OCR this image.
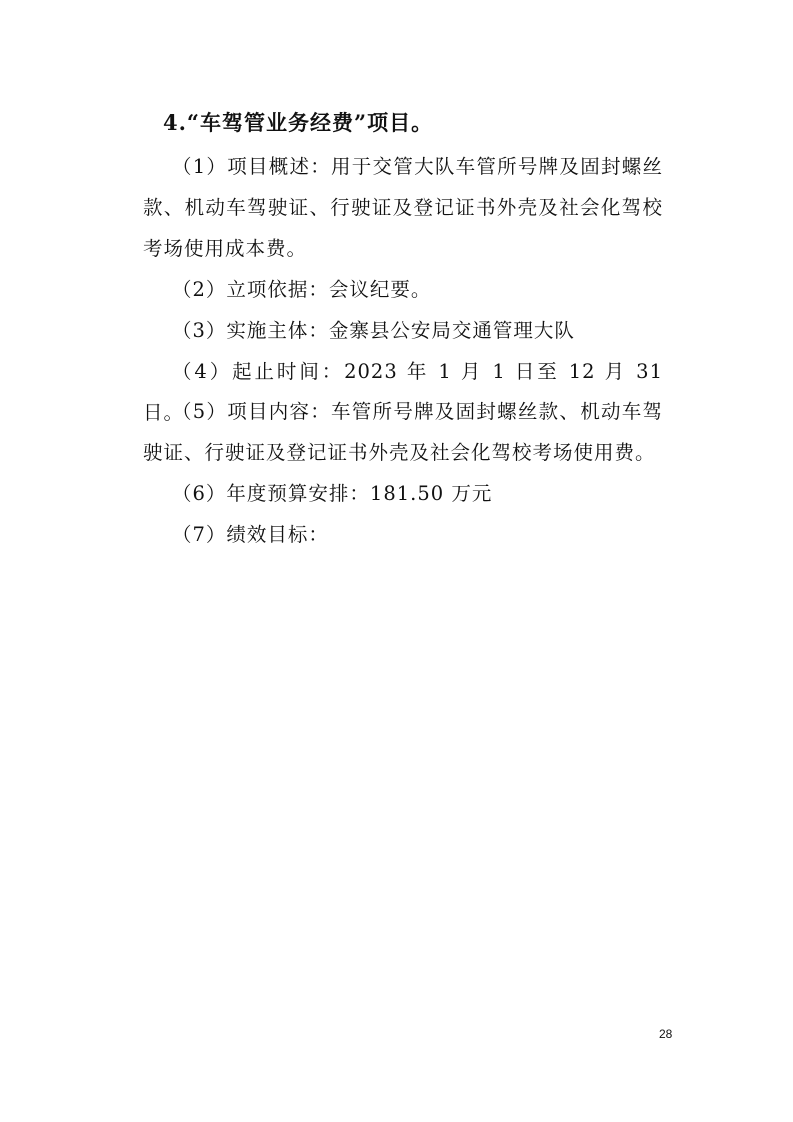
4.“车驾管业务经费”项目。
（1）项目概述：用于交管大队车管所号牌及固封螺丝款、机动车驾驶证、行驶证及登记证书外壳及社会化驾校考场使用成本费。
（2）立项依据：会议纪要。
（3）实施主体：金寨县公安局交通管理大队
（4）起止时间：2023 年 1 月 1 日至 12 月 31 日。
（5）项目内容：车管所号牌及固封螺丝款、机动车驾驶证、行驶证及登记证书外壳及社会化驾校考场使用费。
（6）年度预算安排：181.50 万元
（7）绩效目标：
28
